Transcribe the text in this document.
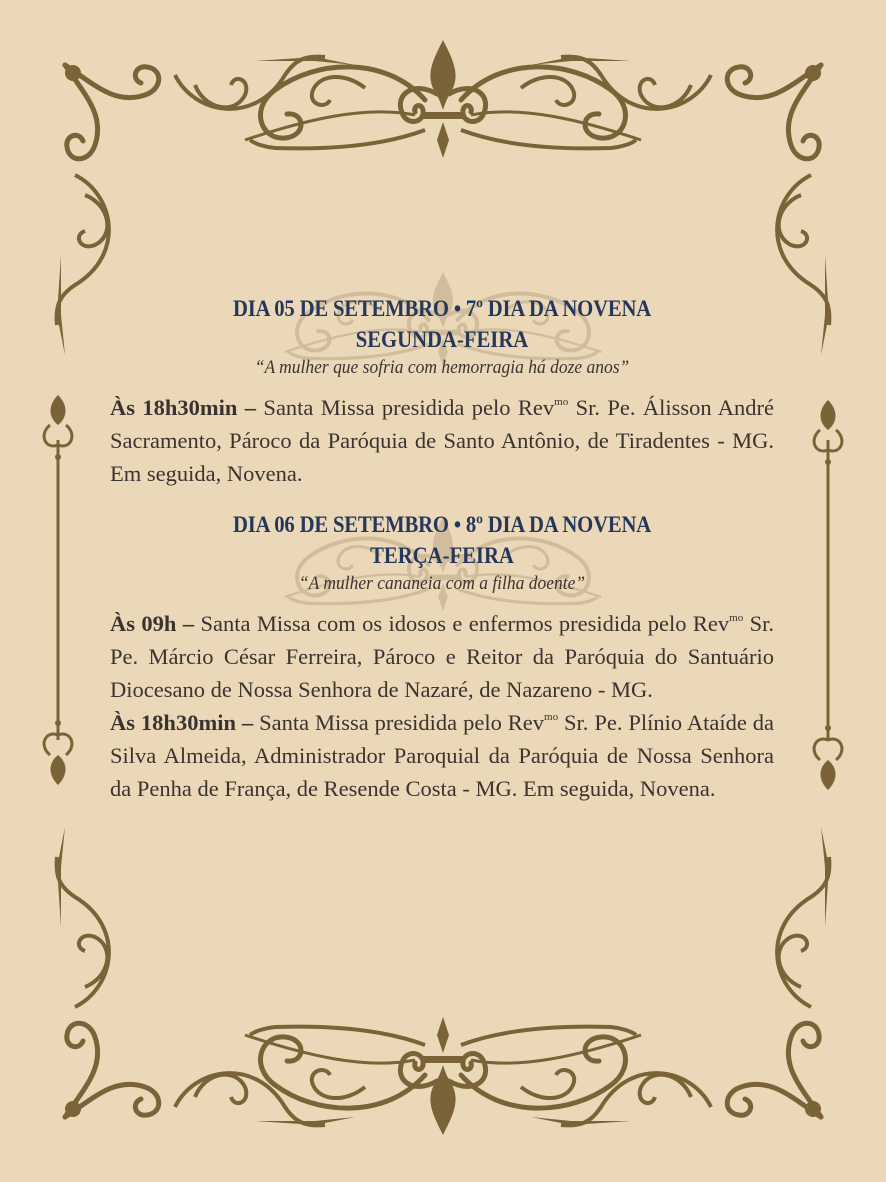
DIA 05 DE SETEMBRO • 7º DIA DA NOVENA
SEGUNDA-FEIRA
“A mulher que sofria com hemorragia há doze anos”

Às 18h30min – Santa Missa presidida pelo Rev$^{mo}$ Sr. Pe. Álisson André Sacramento, Pároco da Paróquia de Santo Antônio, de Tiradentes - MG. Em seguida, Novena.

DIA 06 DE SETEMBRO • 8º DIA DA NOVENA
TERÇA-FEIRA
“A mulher cananeia com a filha doente”

Às 09h – Santa Missa com os idosos e enfermos presidida pelo Rev$^{mo}$ Sr. Pe. Márcio César Ferreira, Pároco e Reitor da Paróquia do Santuário Diocesano de Nossa Senhora de Nazaré, de Nazareno - MG.

Às 18h30min – Santa Missa presidida pelo Rev$^{mo}$ Sr. Pe. Plínio Ataíde da Silva Almeida, Administrador Paroquial da Paróquia de Nossa Senhora da Penha de França, de Resende Costa - MG. Em seguida, Novena.
